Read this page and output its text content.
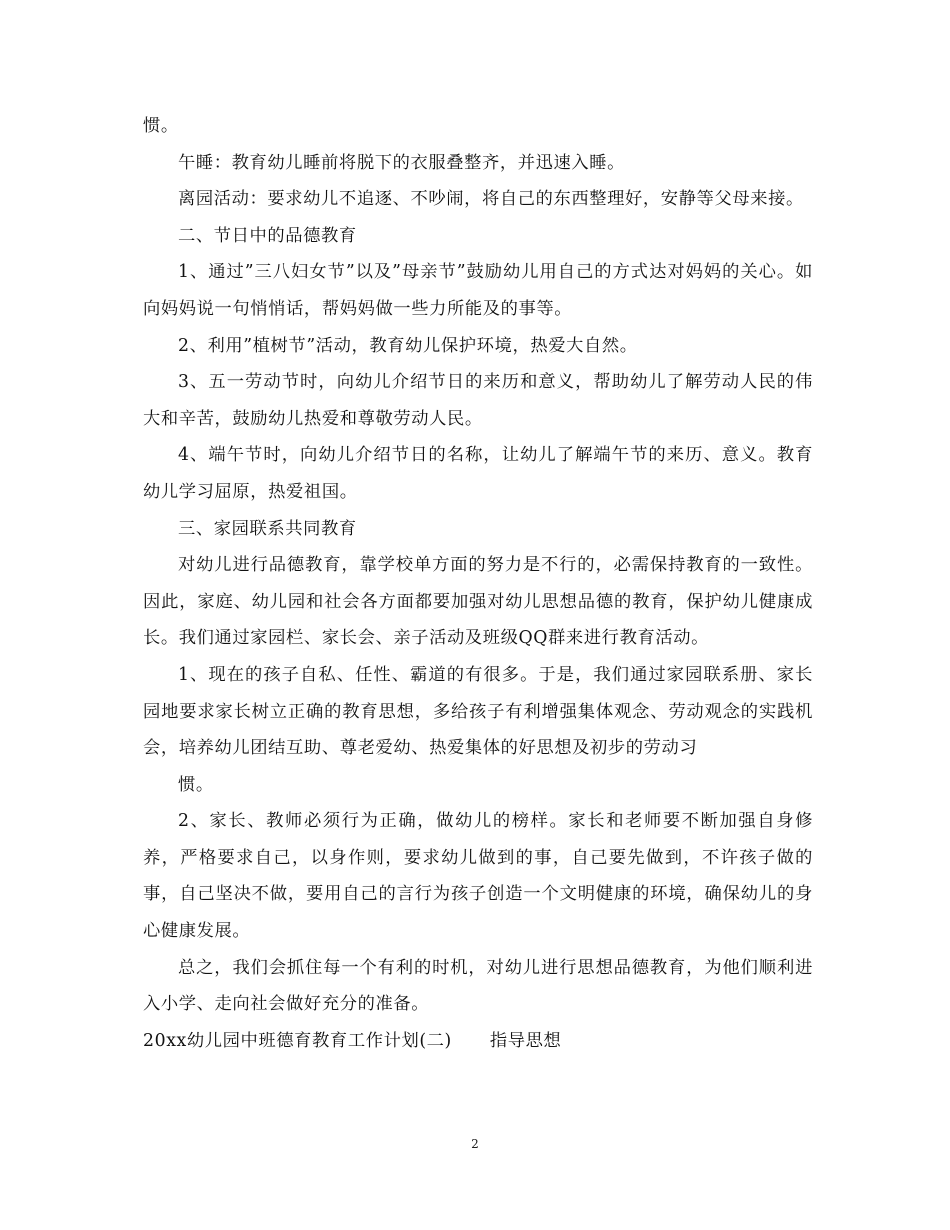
惯。

午睡：教育幼儿睡前将脱下的衣服叠整齐，并迅速入睡。

离园活动：要求幼儿不追逐、不吵闹，将自己的东西整理好，安静等父母来接。

二、节日中的品德教育

1、通过”三八妇女节”以及”母亲节”鼓励幼儿用自己的方式达对妈妈的关心。如向妈妈说一句悄悄话，帮妈妈做一些力所能及的事等。

2、利用”植树节”活动，教育幼儿保护环境，热爱大自然。

3、五一劳动节时，向幼儿介绍节日的来历和意义，帮助幼儿了解劳动人民的伟大和辛苦，鼓励幼儿热爱和尊敬劳动人民。

4、端午节时，向幼儿介绍节日的名称，让幼儿了解端午节的来历、意义。教育幼儿学习屈原，热爱祖国。

三、家园联系共同教育

对幼儿进行品德教育，靠学校单方面的努力是不行的，必需保持教育的一致性。因此，家庭、幼儿园和社会各方面都要加强对幼儿思想品德的教育，保护幼儿健康成长。我们通过家园栏、家长会、亲子活动及班级QQ群来进行教育活动。

1、现在的孩子自私、任性、霸道的有很多。于是，我们通过家园联系册、家长园地要求家长树立正确的教育思想，多给孩子有利增强集体观念、劳动观念的实践机会，培养幼儿团结互助、尊老爱幼、热爱集体的好思想及初步的劳动习

惯。

2、家长、教师必须行为正确，做幼儿的榜样。家长和老师要不断加强自身修养，严格要求自己，以身作则，要求幼儿做到的事，自己要先做到，不许孩子做的事，自己坚决不做，要用自己的言行为孩子创造一个文明健康的环境，确保幼儿的身心健康发展。

总之，我们会抓住每一个有利的时机，对幼儿进行思想品德教育，为他们顺利进入小学、走向社会做好充分的准备。

20xx幼儿园中班德育教育工作计划(二) 指导思想

2
